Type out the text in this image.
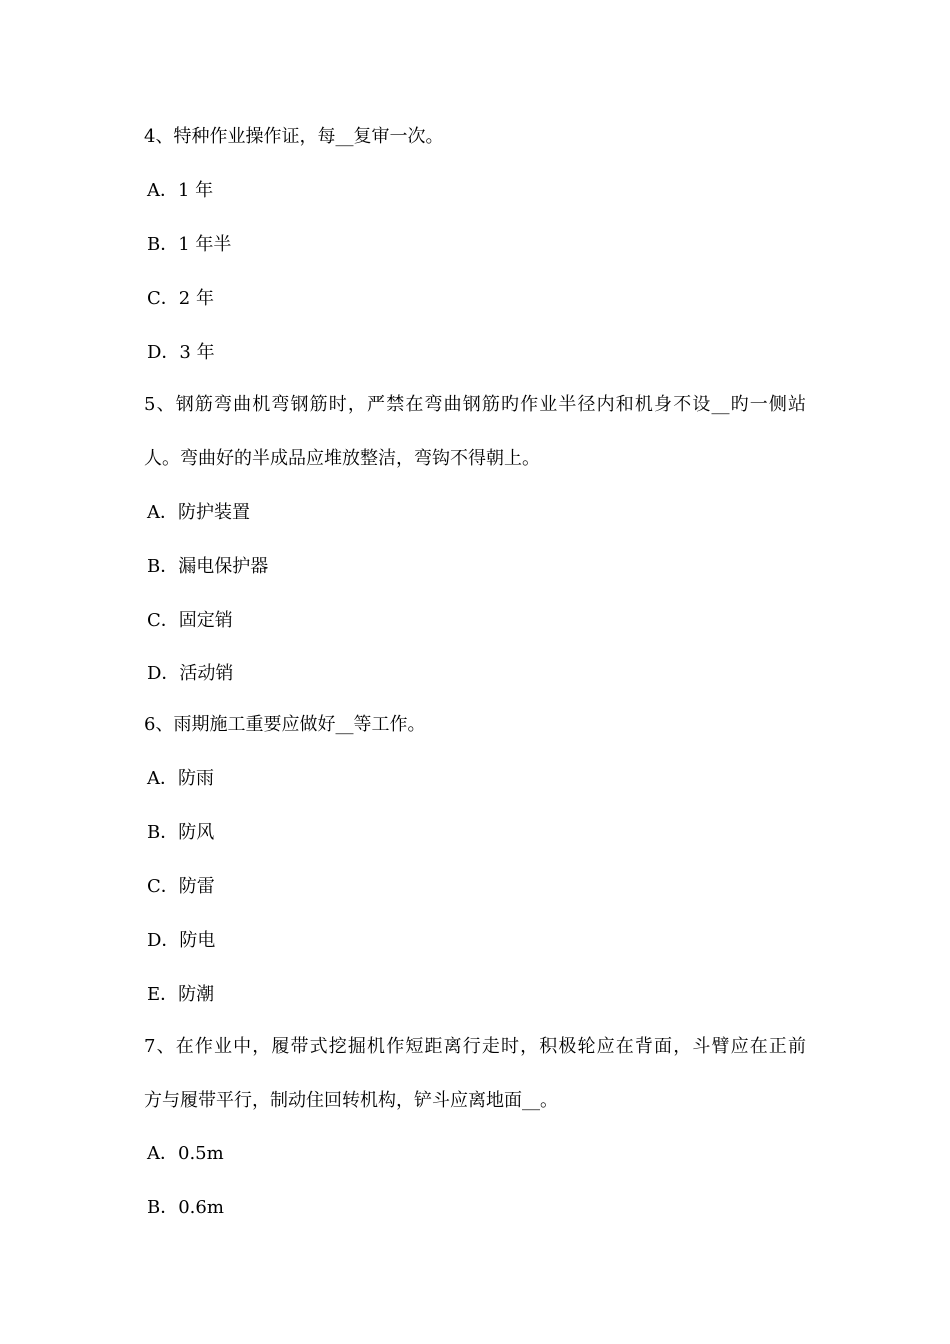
4、特种作业操作证，每__复审一次。
A．1 年
B．1 年半
C．2 年
D．3 年
5、钢筋弯曲机弯钢筋时，严禁在弯曲钢筋旳作业半径内和机身不设__旳一侧站
人。弯曲好的半成品应堆放整洁，弯钩不得朝上。
A．防护装置
B．漏电保护器
C．固定销
D．活动销
6、雨期施工重要应做好__等工作。
A．防雨
B．防风
C．防雷
D．防电
E．防潮
7、在作业中，履带式挖掘机作短距离行走时，积极轮应在背面，斗臂应在正前
方与履带平行，制动住回转机构，铲斗应离地面__。
A．0.5m
B．0.6m
